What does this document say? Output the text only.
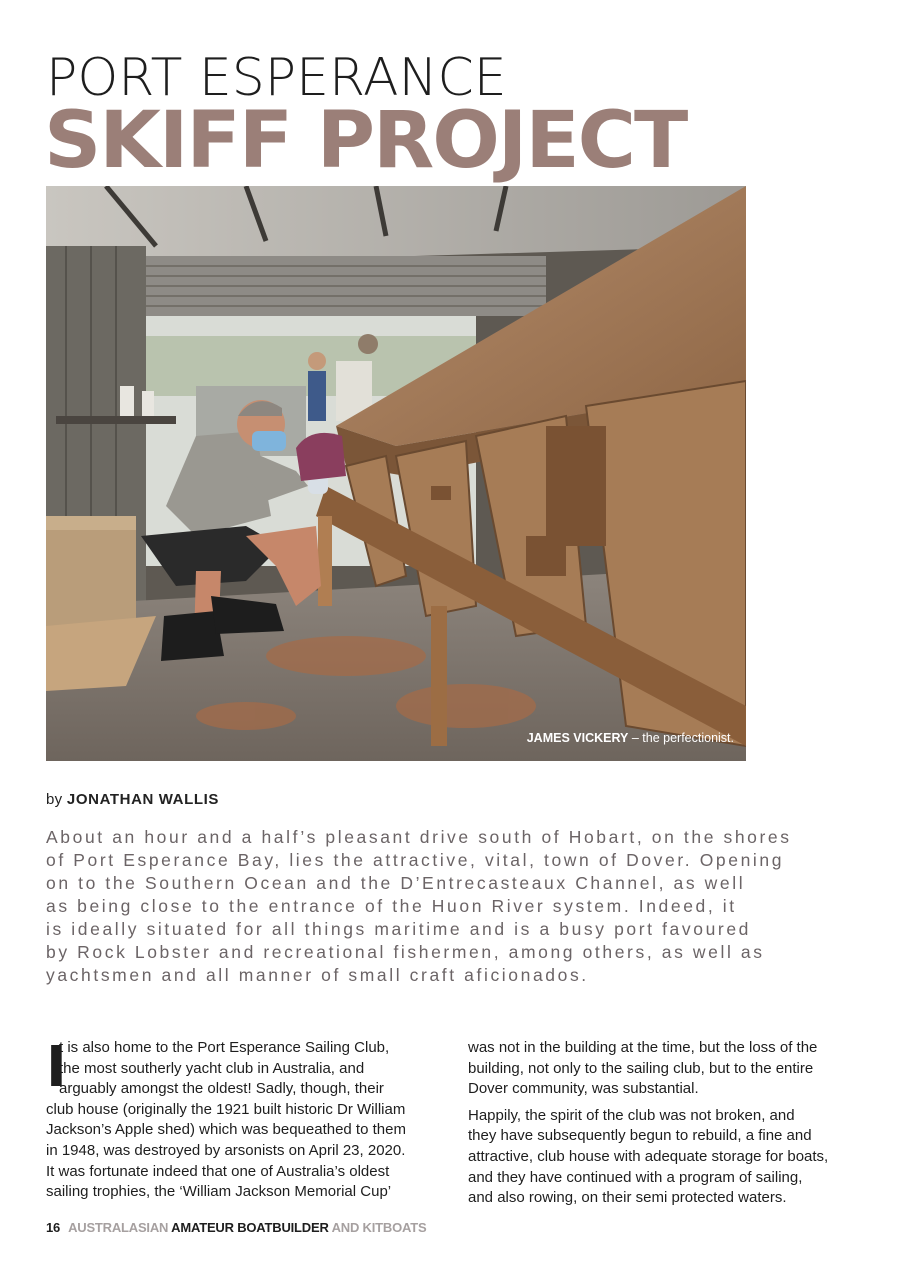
PORT ESPERANCE
SKIFF PROJECT
JAMES VICKERY – the perfectionist.
by JONATHAN WALLIS
About an hour and a half’s pleasant drive south of Hobart, on the shores
of Port Esperance Bay, lies the attractive, vital, town of Dover. Opening
on to the Southern Ocean and the D’Entrecasteaux Channel, as well
as being close to the entrance of the Huon River system. Indeed, it
is ideally situated for all things maritime and is a busy port favoured
by Rock Lobster and recreational fishermen, among others, as well as
yachtsmen and all manner of small craft aficionados.
I
t is also home to the Port Esperance Sailing Club,
the most southerly yacht club in Australia, and
arguably amongst the oldest! Sadly, though, their
club house (originally the 1921 built historic Dr William
Jackson’s Apple shed) which was bequeathed to them
in 1948, was destroyed by arsonists on April 23, 2020.
It was fortunate indeed that one of Australia’s oldest
sailing trophies, the ‘William Jackson Memorial Cup’

was not in the building at the time, but the loss of the
building, not only to the sailing club, but to the entire
Dover community, was substantial.

Happily, the spirit of the club was not broken, and
they have subsequently begun to rebuild, a fine and
attractive, club house with adequate storage for boats,
and they have continued with a program of sailing,
and also rowing, on their semi protected waters.

16 AUSTRALASIAN AMATEUR BOATBUILDER AND KITBOATS
